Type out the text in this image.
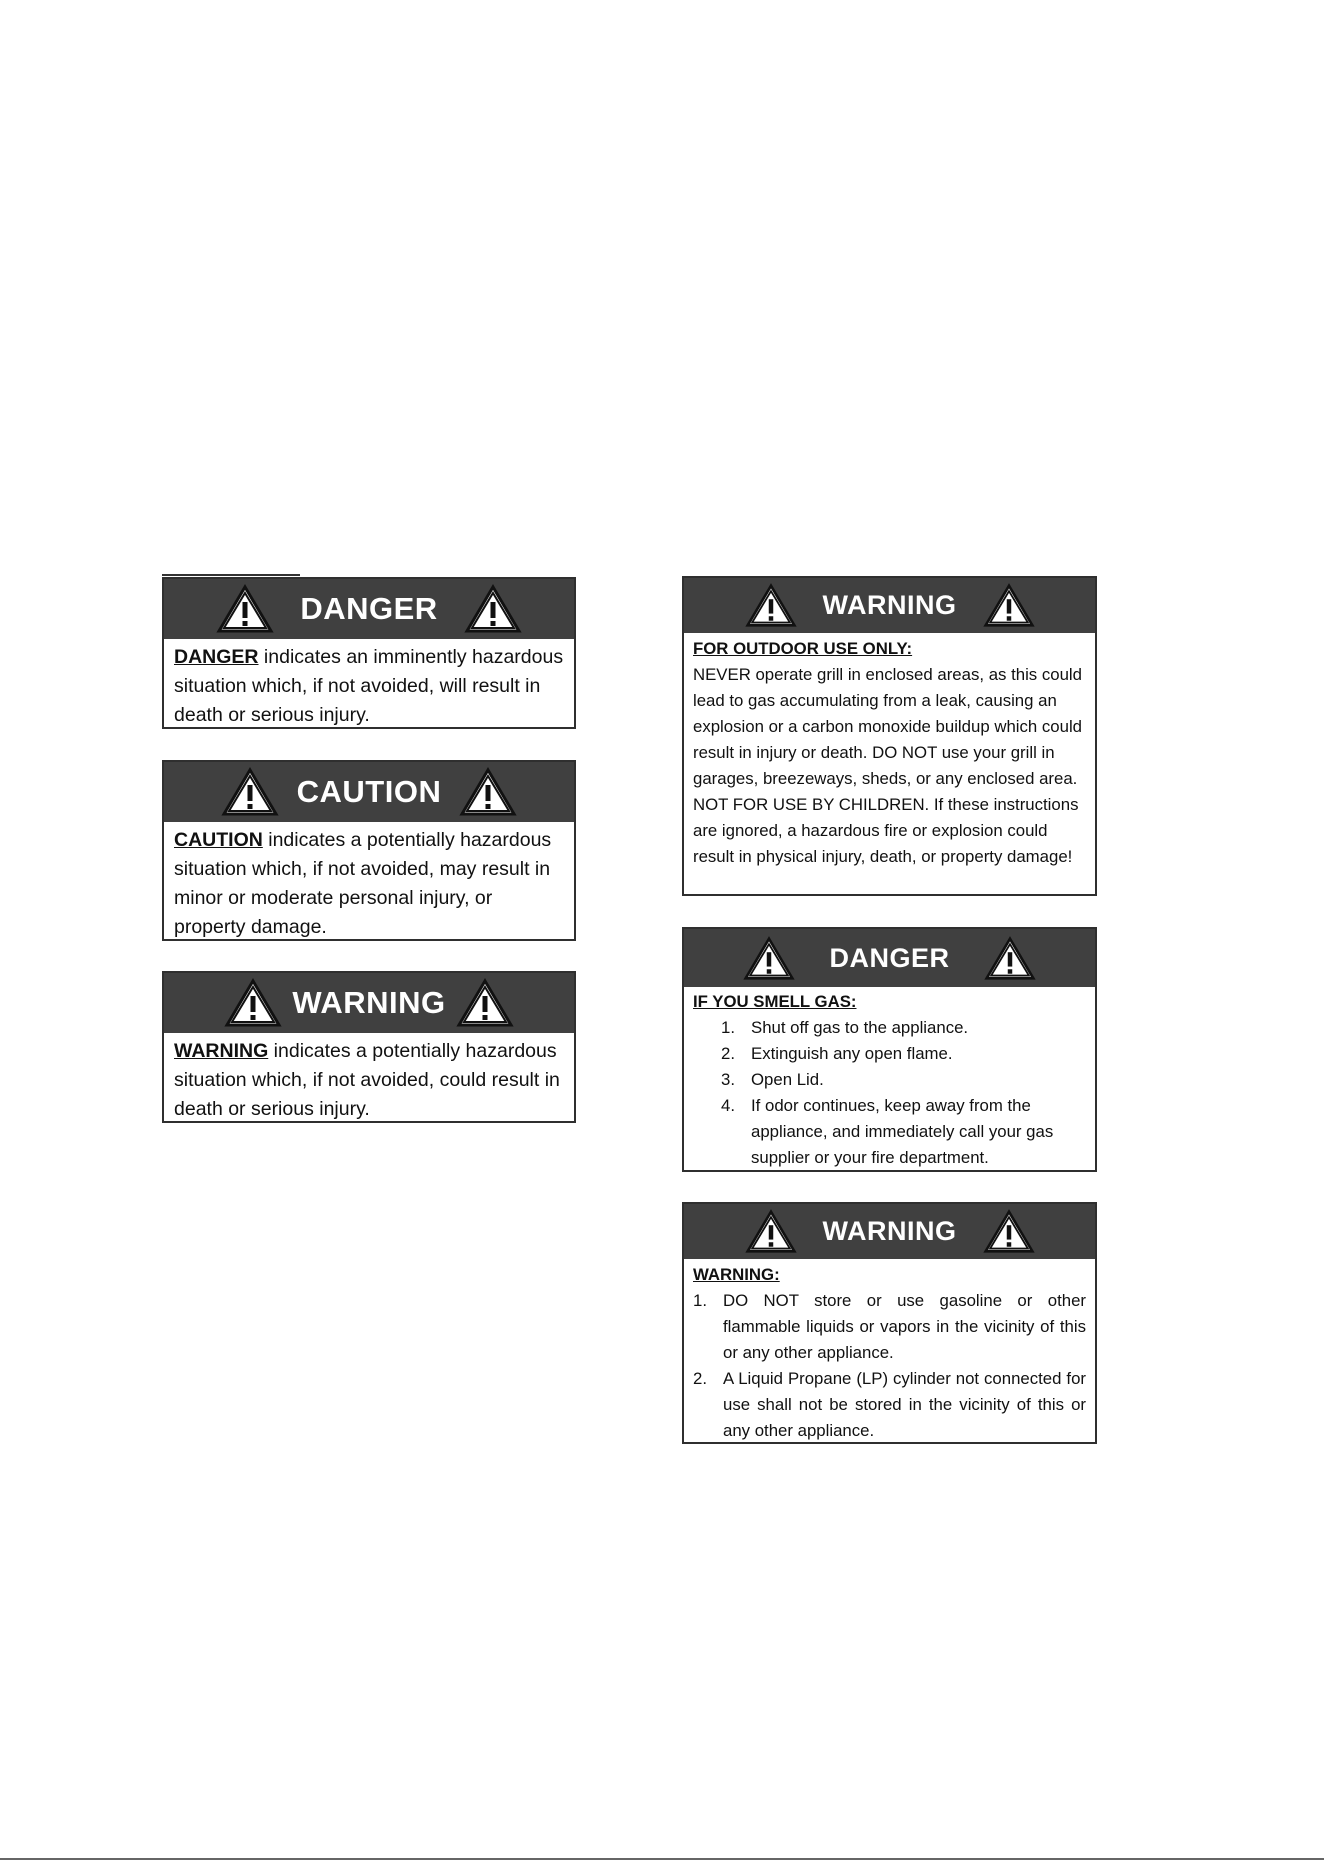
DANGER

DANGER indicates an imminently hazardous situation which, if not avoided, will result in death or serious injury.

CAUTION

CAUTION indicates a potentially hazardous situation which, if not avoided, may result in minor or moderate personal injury, or property damage.

WARNING

WARNING indicates a potentially hazardous situation which, if not avoided, could result in death or serious injury.

WARNING

FOR OUTDOOR USE ONLY:

NEVER operate grill in enclosed areas, as this could lead to gas accumulating from a leak, causing an explosion or a carbon monoxide buildup which could result in injury or death. DO NOT use your grill in garages, breezeways, sheds, or any enclosed area. NOT FOR USE BY CHILDREN. If these instructions are ignored, a hazardous fire or explosion could result in physical injury, death, or property damage!

DANGER

IF YOU SMELL GAS:

1. Shut off gas to the appliance.
2. Extinguish any open flame.
3. Open Lid.
4. If odor continues, keep away from the appliance, and immediately call your gas supplier or your fire department.
WARNING

WARNING:

1. DO NOT store or use gasoline or other flammable liquids or vapors in the vicinity of this or any other appliance.
2. A Liquid Propane (LP) cylinder not connected for use shall not be stored in the vicinity of this or any other appliance.
